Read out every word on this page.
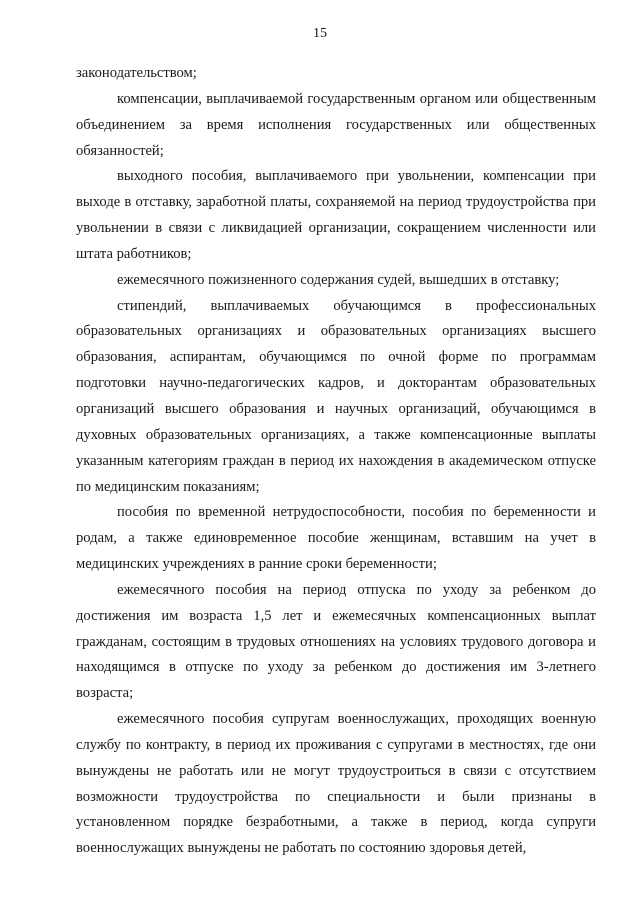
15

законодательством;

компенсации, выплачиваемой государственным органом или общественным объединением за время исполнения государственных или общественных обязанностей;

выходного пособия, выплачиваемого при увольнении, компенсации при выходе в отставку, заработной платы, сохраняемой на период трудоустройства при увольнении в связи с ликвидацией организации, сокращением численности или штата работников;

ежемесячного пожизненного содержания судей, вышедших в отставку;

стипендий, выплачиваемых обучающимся в профессиональных образовательных организациях и образовательных организациях высшего образования, аспирантам, обучающимся по очной форме по программам подготовки научно-педагогических кадров, и докторантам образовательных организаций высшего образования и научных организаций, обучающимся в духовных образовательных организациях, а также компенсационные выплаты указанным категориям граждан в период их нахождения в академическом отпуске по медицинским показаниям;

пособия по временной нетрудоспособности, пособия по беременности и родам, а также единовременное пособие женщинам, вставшим на учет в медицинских учреждениях в ранние сроки беременности;

ежемесячного пособия на период отпуска по уходу за ребенком до достижения им возраста 1,5 лет и ежемесячных компенсационных выплат гражданам, состоящим в трудовых отношениях на условиях трудового договора и находящимся в отпуске по уходу за ребенком до достижения им 3-летнего возраста;

ежемесячного пособия супругам военнослужащих, проходящих военную службу по контракту, в период их проживания с супругами в местностях, где они вынуждены не работать или не могут трудоустроиться в связи с отсутствием возможности трудоустройства по специальности и были признаны в установленном порядке безработными, а также в период, когда супруги военнослужащих вынуждены не работать по состоянию здоровья детей,
